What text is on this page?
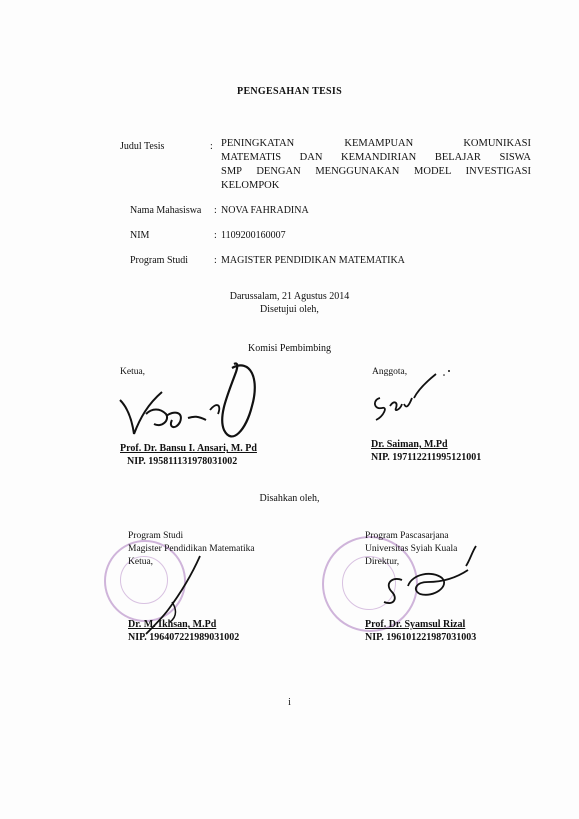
PENGESAHAN TESIS
Judul Tesis	: PENINGKATAN KEMAMPUAN KOMUNIKASI
MATEMATIS DAN KEMANDIRIAN BELAJAR SISWA
SMP DENGAN MENGGUNAKAN MODEL INVESTIGASI
KELOMPOK
Nama Mahasiswa : NOVA FAHRADINA
NIM	: 1109200160007
Program Studi	: MAGISTER PENDIDIKAN MATEMATIKA
Darussalam, 21 Agustus 2014
Disetujui oleh,
Komisi Pembimbing
Ketua,
Prof. Dr. Bansu I. Ansari, M. Pd
NIP. 195811131978031002
Anggota,
Dr. Saiman, M.Pd
NIP. 197112211995121001
Disahkan oleh,
Program Studi
Magister Pendidikan Matematika
Ketua,
Dr. M. Ikhsan, M.Pd
NIP. 196407221989031002
Program Pascasarjana
Universitas Syiah Kuala
Direktur,
Prof. Dr. Syamsul Rizal
NIP. 196101221987031003
i
